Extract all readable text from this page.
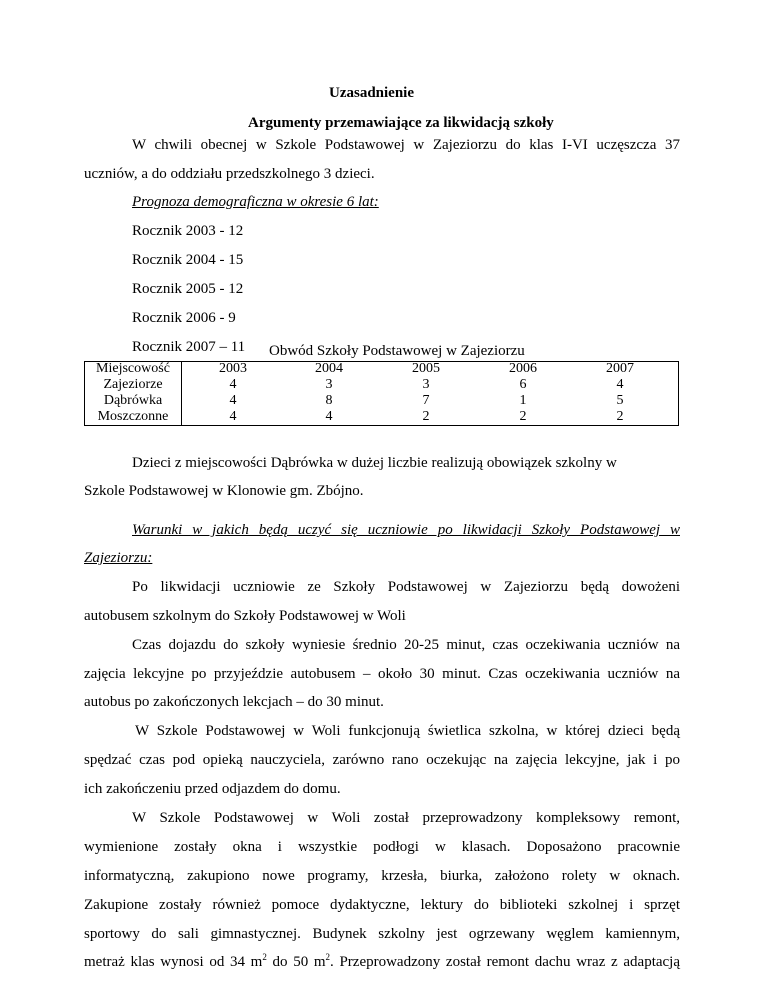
Uzasadnienie
Argumenty przemawiające za likwidacją szkoły
W chwili obecnej w Szkole Podstawowej w Zajeziorzu do klas I-VI uczęszcza 37
uczniów, a do oddziału przedszkolnego 3 dzieci.
Prognoza demograficzna w okresie 6 lat:
Rocznik 2003 - 12
Rocznik 2004 - 15
Rocznik 2005 - 12
Rocznik 2006 - 9
Rocznik 2007 – 11 Obwód Szkoły Podstawowej w Zajeziorzu
Miejscowość
Zajeziorze
Dąbrówka
Moszczonne
2003
4
4
4
2004
3
8
4
2005
3
7
2
2006
6
1
2
2007
4
5
2
Dzieci z miejscowości Dąbrówka w dużej liczbie realizują obowiązek szkolny w
Szkole Podstawowej w Klonowie gm. Zbójno.
Warunki w jakich będą uczyć się uczniowie po likwidacji Szkoły Podstawowej w
Zajeziorzu:
Po likwidacji uczniowie ze Szkoły Podstawowej w Zajeziorzu będą dowożeni
autobusem szkolnym do Szkoły Podstawowej w Woli
Czas dojazdu do szkoły wyniesie średnio 20-25 minut, czas oczekiwania uczniów na
zajęcia lekcyjne po przyjeździe autobusem – około 30 minut. Czas oczekiwania uczniów na
autobus po zakończonych lekcjach – do 30 minut.
W Szkole Podstawowej w Woli funkcjonują świetlica szkolna, w której dzieci będą
spędzać czas pod opieką nauczyciela, zarówno rano oczekując na zajęcia lekcyjne, jak i po
ich zakończeniu przed odjazdem do domu.
W Szkole Podstawowej w Woli został przeprowadzony kompleksowy remont,
wymienione zostały okna i wszystkie podłogi w klasach. Doposażono pracownie
informatyczną, zakupiono nowe programy, krzesła, biurka, założono rolety w oknach.
Zakupione zostały również pomoce dydaktyczne, lektury do biblioteki szkolnej i sprzęt
sportowy do sali gimnastycznej. Budynek szkolny jest ogrzewany węglem kamiennym,
metraż klas wynosi od 34 $m^2$ do 50 $m^2$. Przeprowadzony został remont dachu wraz z adaptacją
